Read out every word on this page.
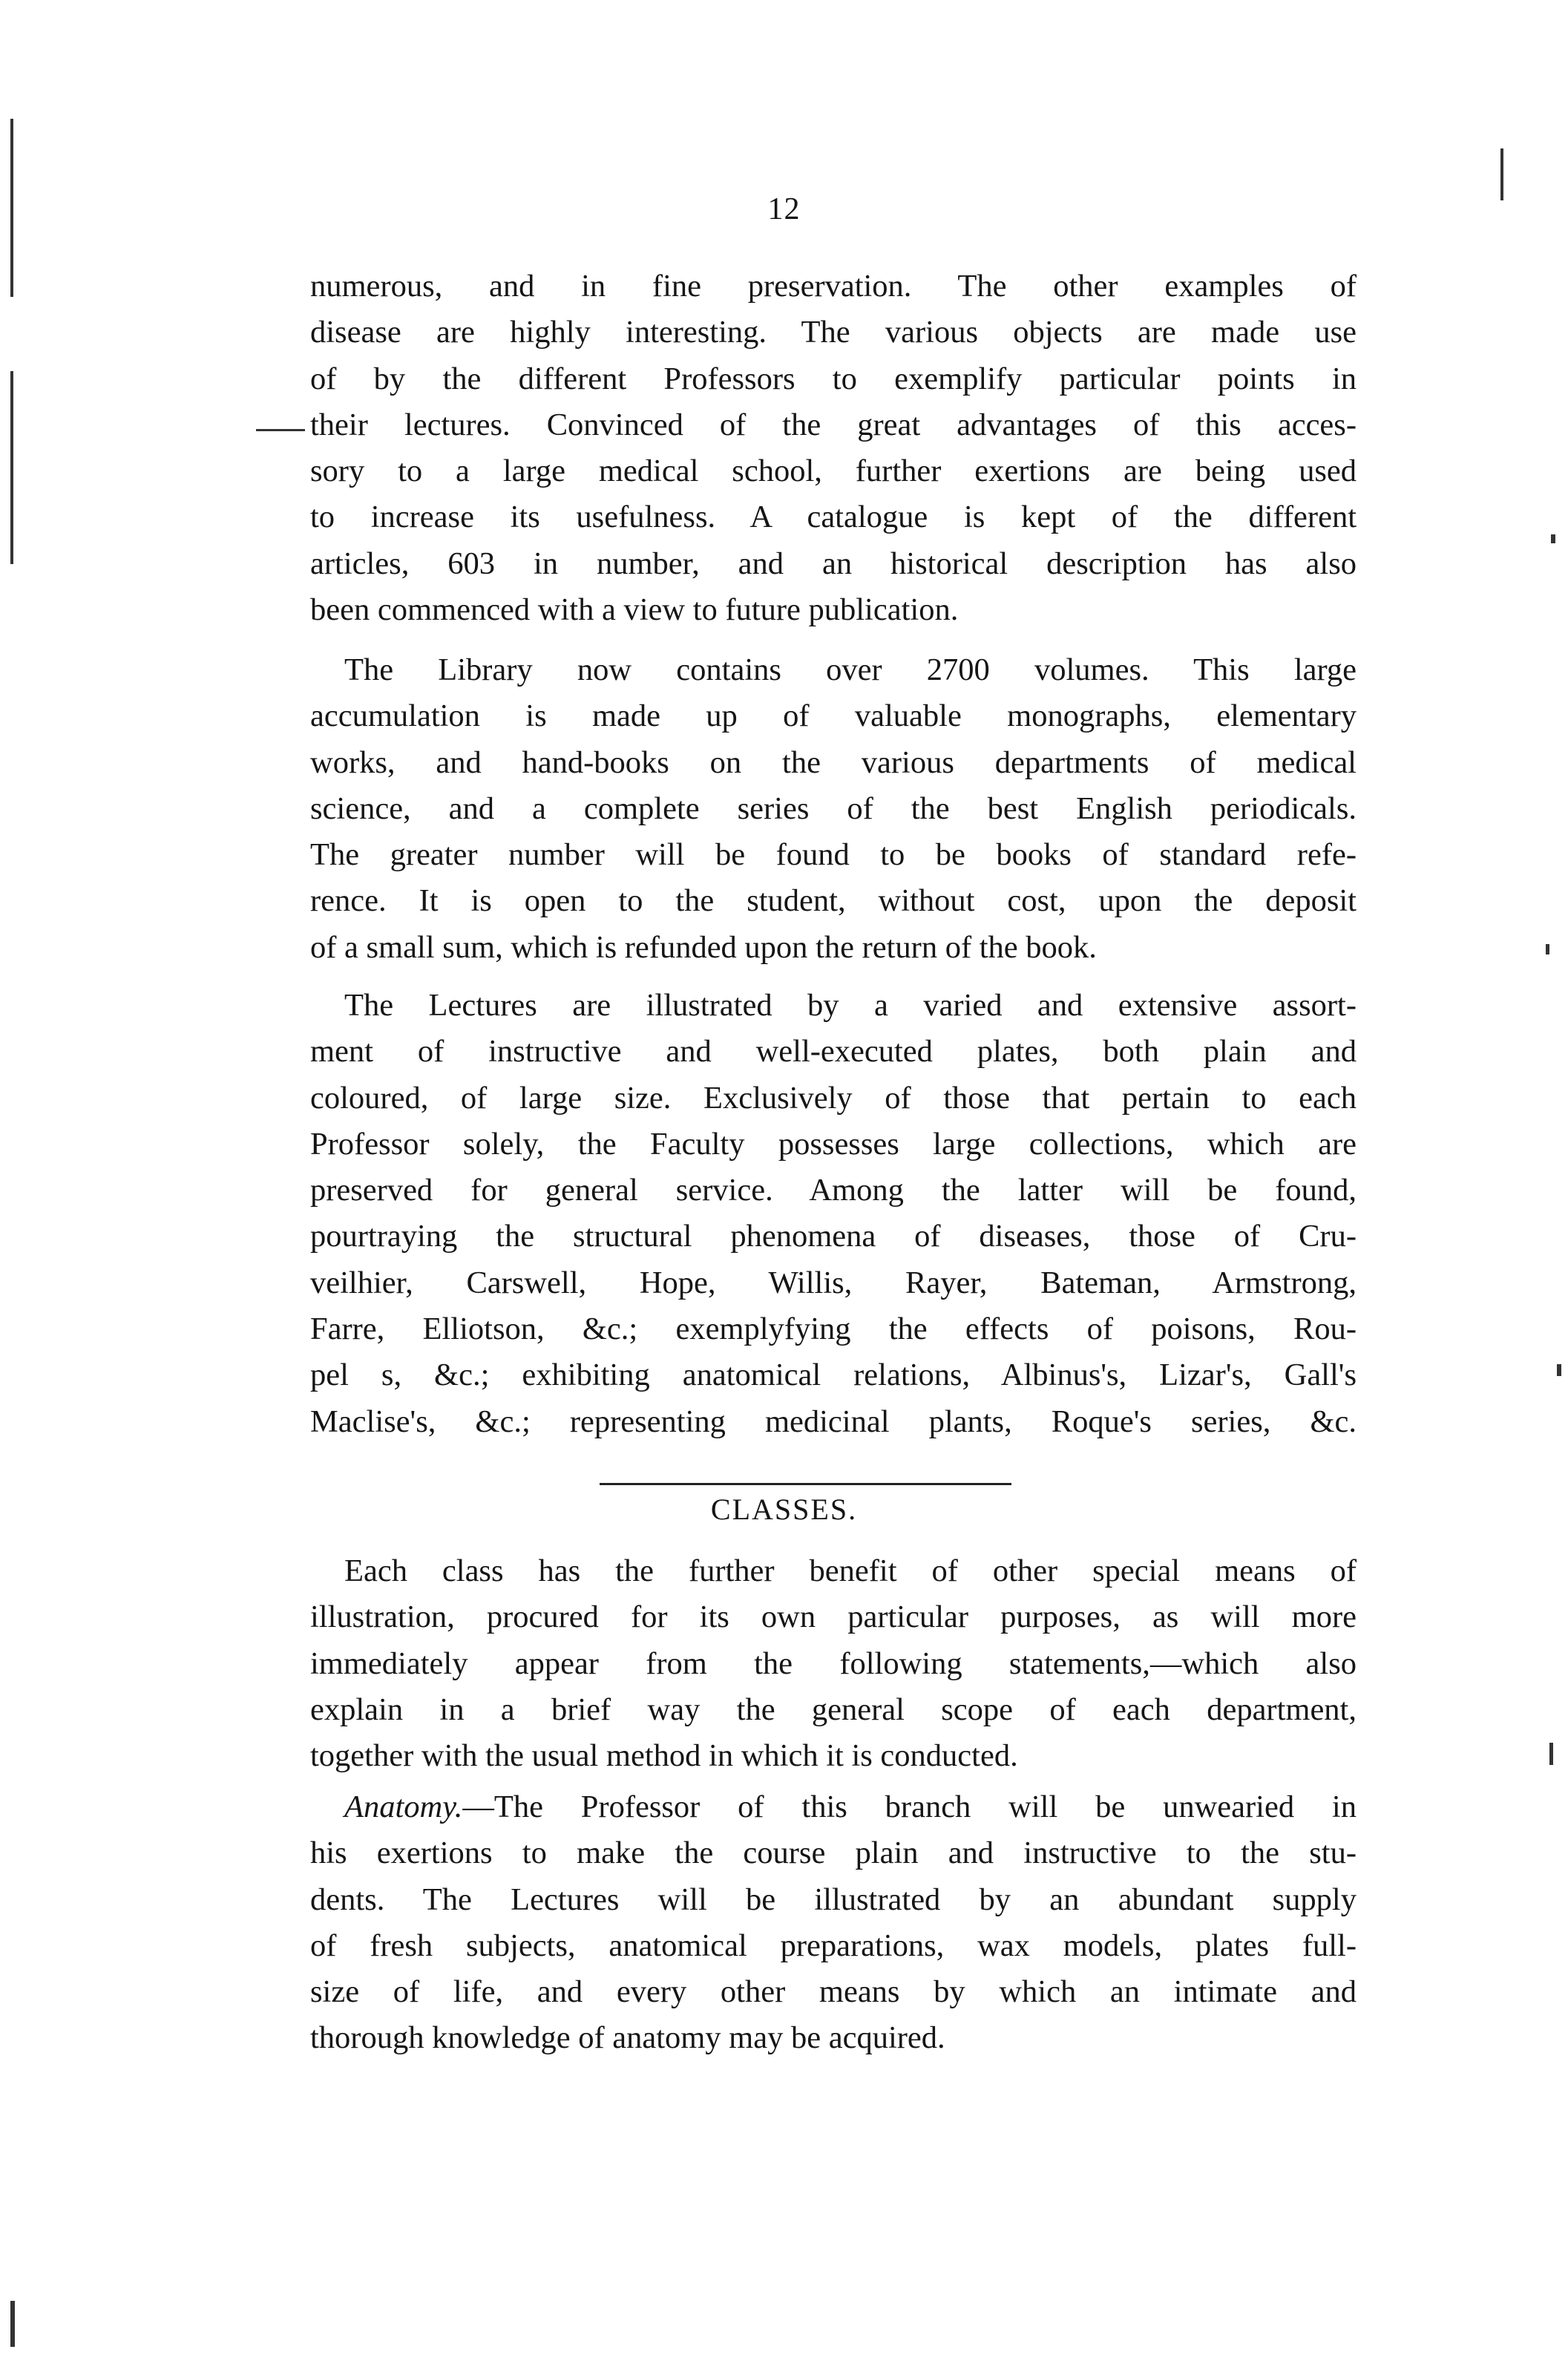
12

numerous, and in fine preservation. The other examples of
disease are highly interesting. The various objects are made use
of by the different Professors to exemplify particular points in
their lectures. Convinced of the great advantages of this acces-
sory to a large medical school, further exertions are being used
to increase its usefulness. A catalogue is kept of the different
articles, 603 in number, and an historical description has also
been commenced with a view to future publication.

The Library now contains over 2700 volumes. This large
accumulation is made up of valuable monographs, elementary
works, and hand-books on the various departments of medical
science, and a complete series of the best English periodicals.
The greater number will be found to be books of standard refe-
rence. It is open to the student, without cost, upon the deposit
of a small sum, which is refunded upon the return of the book.

The Lectures are illustrated by a varied and extensive assort-
ment of instructive and well-executed plates, both plain and
coloured, of large size. Exclusively of those that pertain to each
Professor solely, the Faculty possesses large collections, which are
preserved for general service. Among the latter will be found,
pourtraying the structural phenomena of diseases, those of Cru-
veilhier, Carswell, Hope, Willis, Rayer, Bateman, Armstrong,
Farre, Elliotson, &c.; exemplyfying the effects of poisons, Rou-
pel s, &c.; exhibiting anatomical relations, Albinus's, Lizar's, Gall's
Maclise's, &c.; representing medicinal plants, Roque's series, &c.

CLASSES.

Each class has the further benefit of other special means of
illustration, procured for its own particular purposes, as will more
immediately appear from the following statements,—which also
explain in a brief way the general scope of each department,
together with the usual method in which it is conducted.

Anatomy.—The Professor of this branch will be unwearied in
his exertions to make the course plain and instructive to the stu-
dents. The Lectures will be illustrated by an abundant supply
of fresh subjects, anatomical preparations, wax models, plates full-
size of life, and every other means by which an intimate and
thorough knowledge of anatomy may be acquired.
